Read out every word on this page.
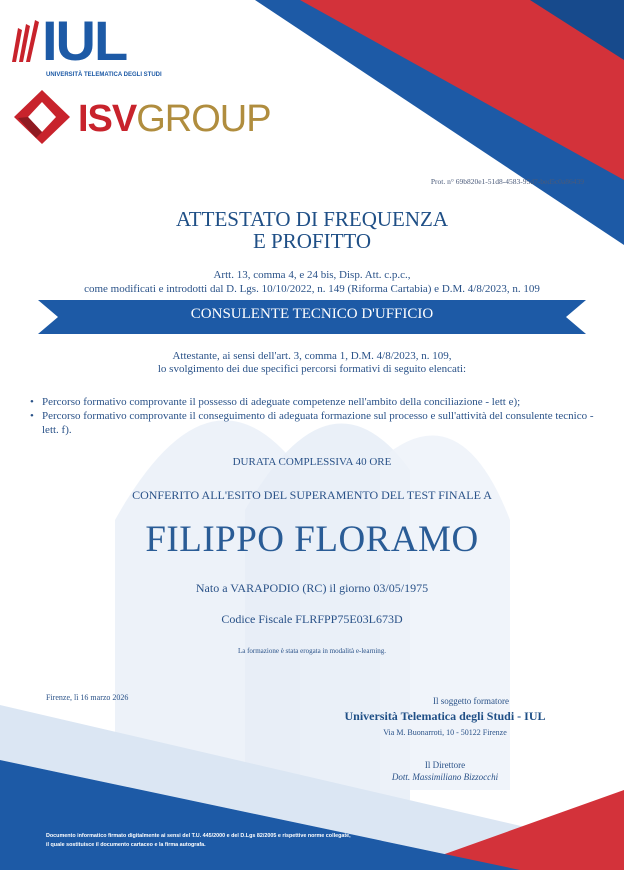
IUL
UNIVERSITÀ TELEMATICA DEGLI STUDI
ISVGROUP
Prot. n° 69b820e1-51d8-4583-95d7-bed5c0a86439
ATTESTATO DI FREQUENZA
E PROFITTO
Artt. 13, comma 4, e 24 bis, Disp. Att. c.p.c.,
come modificati e introdotti dal D. Lgs. 10/10/2022, n. 149 (Riforma Cartabia) e D.M. 4/8/2023, n. 109
CONSULENTE TECNICO D'UFFICIO
Attestante, ai sensi dell'art. 3, comma 1, D.M. 4/8/2023, n. 109,
lo svolgimento dei due specifici percorsi formativi di seguito elencati:
• Percorso formativo comprovante il possesso di adeguate competenze nell'ambito della conciliazione - lett e);
• Percorso formativo comprovante il conseguimento di adeguata formazione sul processo e sull'attività del consulente tecnico - lett. f).
DURATA COMPLESSIVA 40 ORE
CONFERITO ALL'ESITO DEL SUPERAMENTO DEL TEST FINALE A
FILIPPO FLORAMO
Nato a VARAPODIO (RC) il giorno 03/05/1975
Codice Fiscale FLRFPP75E03L673D
La formazione è stata erogata in modalità e-learning.
Firenze, lì 16 marzo 2026	Il soggetto formatore
Università Telematica degli Studi - IUL
Via M. Buonarroti, 10 - 50122 Firenze
Il Direttore
Dott. Massimiliano Bizzocchi
Documento informatico firmato digitalmente ai sensi del T.U. 445/2000 e del D.Lgs 82/2005 e rispettive norme collegate,
il quale sostituisce il documento cartaceo e la firma autografa.
